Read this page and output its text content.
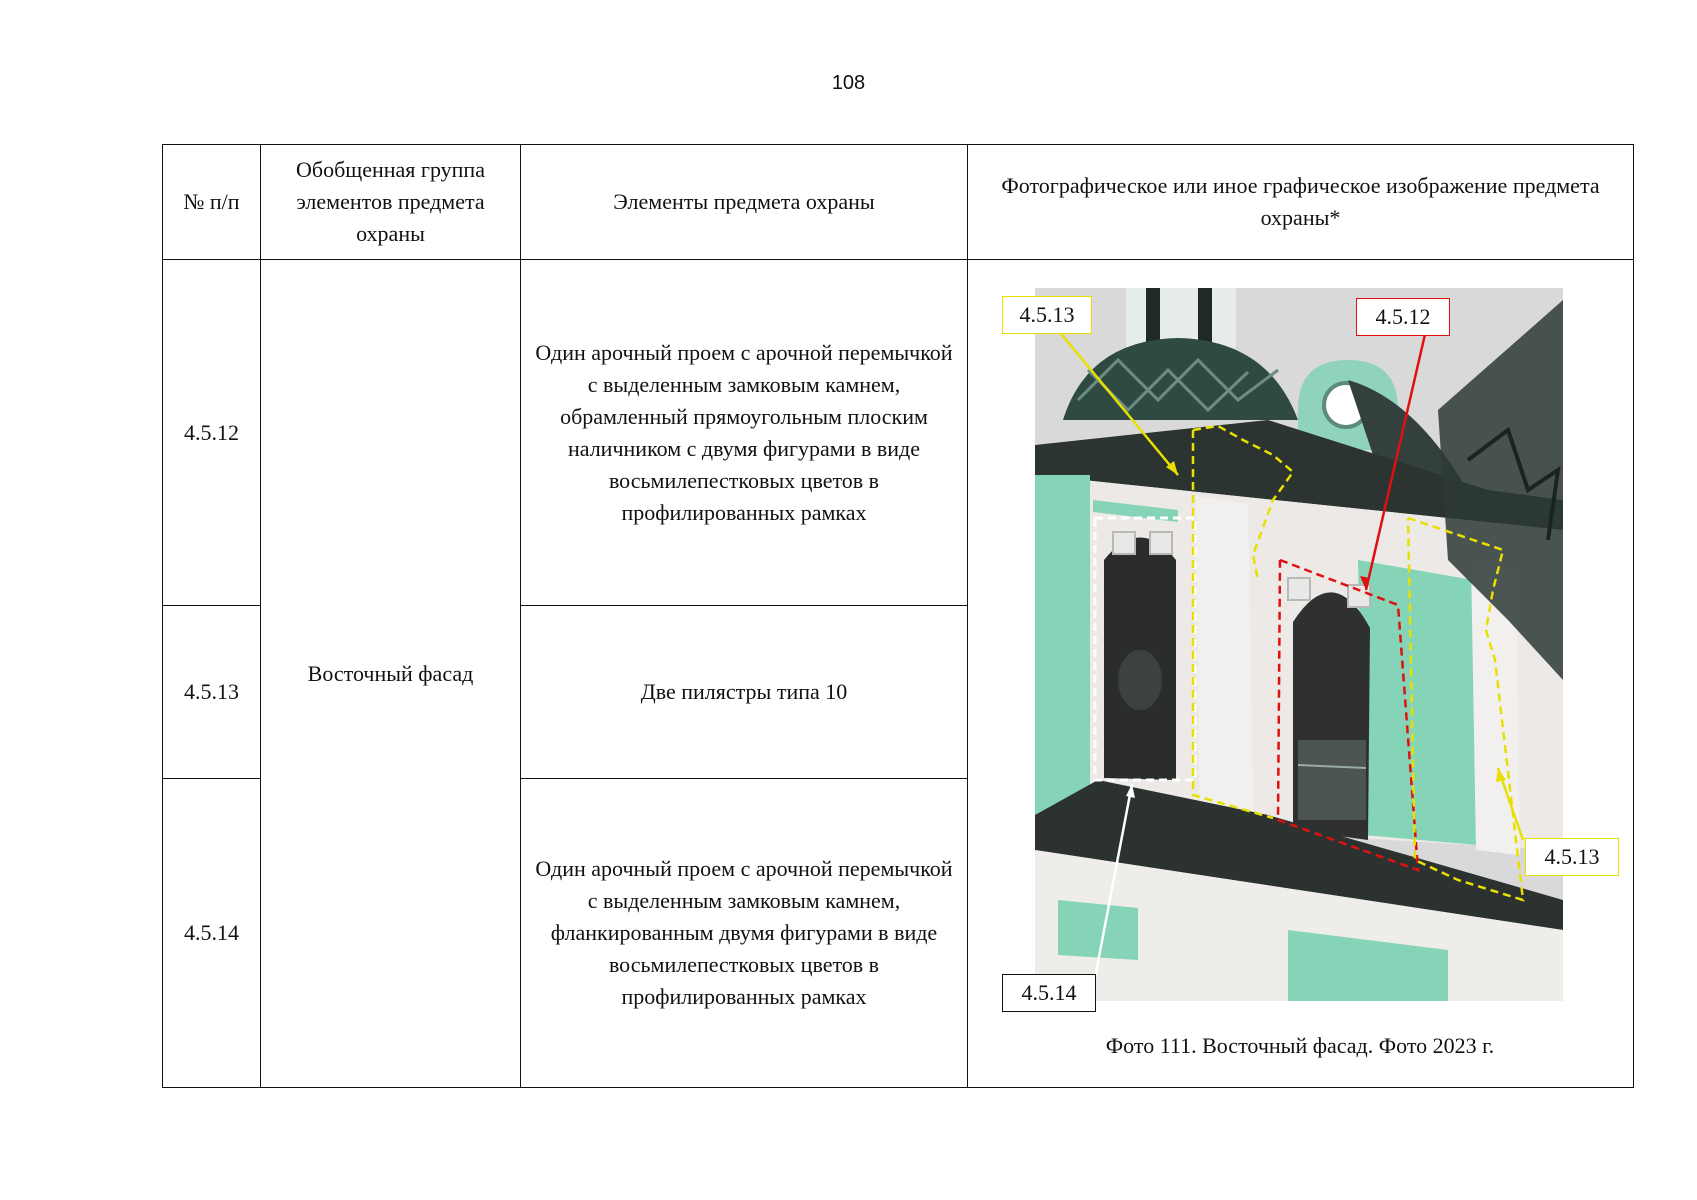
108
№ п/п	Обобщенная группа элементов предмета охраны	Элементы предмета охраны	Фотографическое или иное графическое изображение предмета охраны*
4.5.12	Восточный фасад	Один арочный проем с арочной перемычкой с выделенным замковым камнем, обрамленный прямоугольным плоским наличником с двумя фигурами в виде восьмилепестковых цветов в профилированных рамках	4.5.13 4.5.12
4.5.13
4.5.14
Фото 111. Восточный фасад. Фото 2023 г.

4.5.13		Две пилястры типа 10	
4.5.14		Один арочный проем с арочной перемычкой с выделенным замковым камнем, фланкированным двумя фигурами в виде восьмилепестковых цветов в профилированных рамках	
